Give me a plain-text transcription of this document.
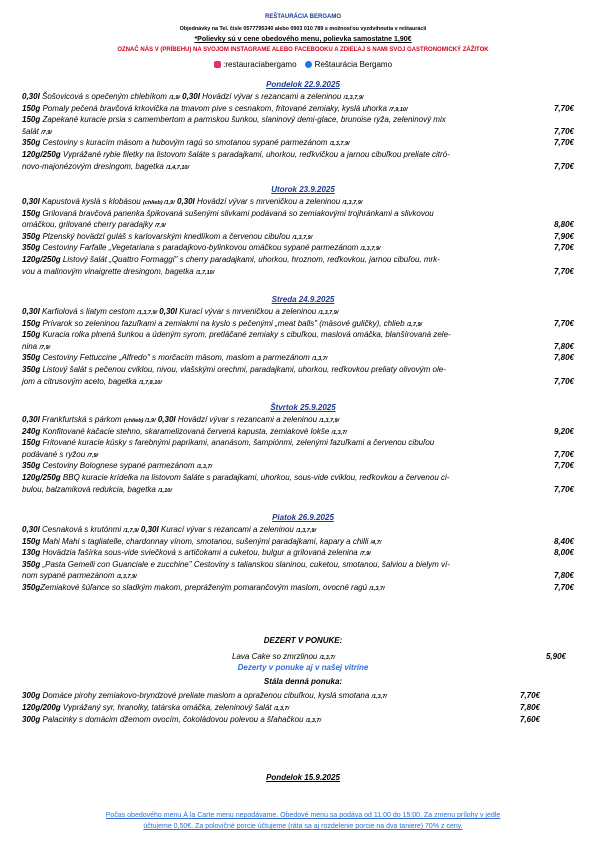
REŠTAURÁCIA BERGAMO
Objednávky na Tel. čísle 0577795340 alebo 0903 010 789 s možnosťou vyzdvihnutia v reštaurácii
*Polievky sú v cene obedového menu, polievka samostatne 1,90€
OZNAČ NÁS V (PRÍBEHU) NA SVOJOM INSTAGRAME ALEBO FACEBOOKU A ZDIEĽAJ S NAMI SVOJ GASTRONOMICKÝ ZÁŽITOK
:restauraciabergamo Reštaurácia Bergamo
Pondelok 22.9.2025
0,30l Šošovicová s opečeným chlebíkom /1,9/ 0,30l Hovädzí vývar s rezancami a zeleninou /1,3,7,9/
150g Pomaly pečená bravčová krkovička na tmavom pive s cesnakom, fritované zemiaky, kyslá uhorka /7,9,10/	7,70€
150g Zapekané kuracie prsia s camembertom a parmskou šunkou, slaninový demi-glace, brunoise ryža, zeleninový mix
šalát /7,9/	7,70€
350g Cestoviny s kuracím mäsom a hubovým ragú so smotanou sypané parmezánom /1,3,7,9/	7,70€
120g/250g Vyprážané rybie filetky na listovom šaláte s paradajkami, uhorkou, reďkvičkou a jarnou cibuľkou preliate citró-
novo-majonézovým dresingom, bagetka /1,4,7,10/	7,70€
Utorok 23.9.2025
0,30l Kapustová kyslá s klobásou (chlieb) /1,9/ 0,30l Hovädzí vývar s mrveničkou a zeleninou /1,3,7,9/
150g Grilovaná bravčová panenka špikovaná sušenými slivkami podávaná so zemiakovými trojhránkami a slivkovou
omáčkou, grilované cherry paradajky /7,9/	8,80€
350g Plzenský hovädzí guláš s karlovarským knedlíkom a červenou cibuľou /1,3,7,9/	7,90€
350g Cestoviny Farfalle „Vegetariana s paradajkovo-bylinkovou omáčkou sypané parmezánom /1,3,7,9/	7,70€
120g/250g Listový šalát „Quattro Formaggi" s cherry paradajkami, uhorkou, hroznom, reďkovkou, jarnou cibuľou, mrk-
vou a malinovým vinaigrette dresingom, bagetka /1,7,10/	7,70€
Streda 24.9.2025
0,30l Karfiolová s liatym cestom /1,3,7,9/ 0,30l Kurací vývar s mrveničkou a zeleninou /1,3,7,9/
150g Prívarok so zeleninou fazuľkami a zemiakmi na kyslo s pečenými „meat balls" (mäsové guličky), chlieb /1,7,9/	7,70€
150g Kuracia rolka plnená šunkou a údeným syrom, pretláčané zemiaky s cibuľkou, maslová omáčka, blanšírovaná zele-
nina /7,9/	7,80€
350g Cestoviny Fettuccine „Alfredo" s morčacím mäsom, maslom a parmezánom /1,3,7/	7,80€
350g Listový šalát s pečenou cviklou, nivou, vlašskými orechmi, paradajkami, uhorkou, reďkovkou preliaty olivovým ole-
jom a citrusovým aceto, bagetka /1,7,8,10/	7,70€
Štvrtok 25.9.2025
0,30l Frankfurtská s párkom (chlieb) /1,9/ 0,30l Hovädzí vývar s rezancami a zeleninou /1,3,7,9/
240g Konfitované kačacie stehno, skaramelizovaná červená kapusta, zemiakové lokše /1,3,7/	9,20€
150g Fritované kuracie kúsky s farebnými paprikami, ananásom, šampiónmi, zelenými fazuľkami a červenou cibuľou
podávané s ryžou /7,9/	7,70€
350g Cestoviny Bolognese sypané parmezánom /1,3,7/	7,70€
120g/250g BBQ kuracie krídelka na listovom šaláte s paradajkami, uhorkou, sous-vide cviklou, reďkovkou a červenou ci-
bulou, balzamiková redukcia, bagetka /1,10/	7,70€
Piatok 26.9.2025
0,30l Cesnaková s krutónmi /1,7,9/ 0,30l Kurací vývar s rezancami a zeleninou /1,3,7,9/
150g Mahi Mahi s tagliatelle, chardonnay vínom, smotanou, sušenými paradajkami, kapary a chilli /4,7/	8,40€
130g Hovädzia fašírka sous-vide sviečková s artičokami a cuketou, bulgur a grilovaná zelenina /7,9/	8,00€
350g „Pasta Gemelli con Guanciale e zucchine" Cestoviny s talianskou slaninou, cuketou, smotanou, šalviou a bielym ví-
nom sypané parmezánom /1,3,7,9/	7,80€
350gZemiakové šúľance so sladkým makom, prepráženým pomarančovým maslom, ovocné ragú /1,3,7/	7,70€
DEZERT V PONUKE:
Lava Cake so zmrzlinou /1,3,7/	5,90€
Dezerty v ponuke aj v našej vitríne
Stála denná ponuka:
300g Domáce pirohy zemiakovo-bryndzové preliate maslom a opraženou cibuľkou, kyslá smotana /1,3,7/	7,70€
120g/200g Vyprážaný syr, hranolky, tatárska omáčka, zeleninový šalát /1,3,7/	7,80€
300g Palacinky s domácim džemom ovocím, čokoládovou polevou a šľahačkou /1,3,7/	7,60€
Pondelok 15.9.2025
Počas obedového menu Á la Carte menu nepodávame. Obedové menu sa podáva od 11:00 do 15:00. Za zmenu prílohy v jedle
účtujeme 0,50€. Za polovičné porcie účtujeme (ráta sa aj rozdelenie porcie na dva taniere) 70% z ceny.
